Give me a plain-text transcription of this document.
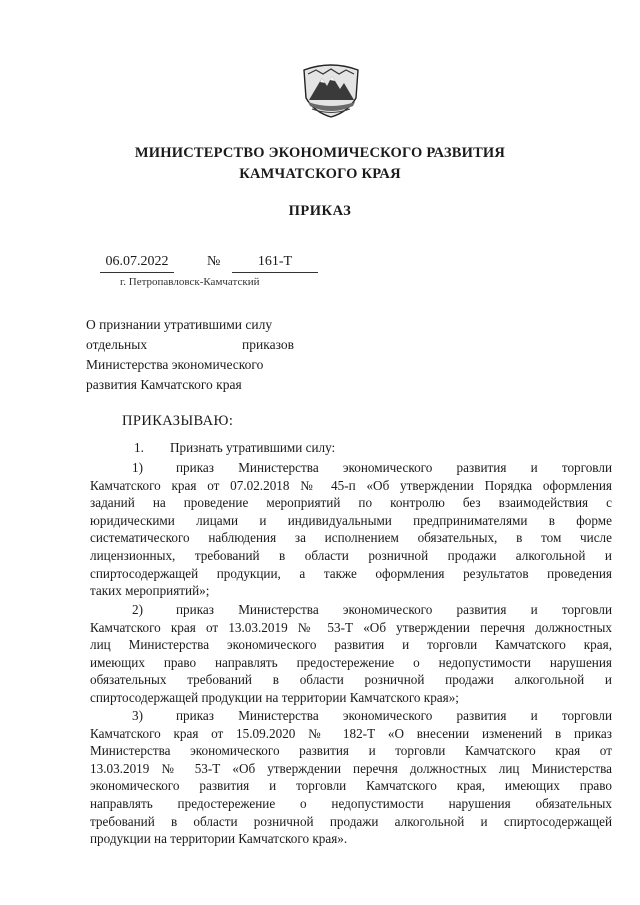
МИНИСТЕРСТВО ЭКОНОМИЧЕСКОГО РАЗВИТИЯ
КАМЧАТСКОГО КРАЯ
ПРИКАЗ
06.07.2022	№	161-Т
г. Петропавловск-Камчатский
О признании утратившими силу
отдельных приказов
Министерства экономического
развития Камчатского края
ПРИКАЗЫВАЮ:
1. Признать утратившими силу:
1)	приказ Министерства экономического развития и торговли
Камчатского края от 07.02.2018 № 45-п «Об утверждении Порядка оформления
заданий на проведение мероприятий по контролю без взаимодействия с
юридическими лицами и индивидуальными предпринимателями в форме
систематического наблюдения за исполнением обязательных, в том числе
лицензионных, требований в области розничной продажи алкогольной и
спиртосодержащей продукции, а также оформления результатов проведения
таких мероприятий»;
2)	приказ Министерства экономического развития и торговли
Камчатского края от 13.03.2019 № 53-Т «Об утверждении перечня должностных
лиц Министерства экономического развития и торговли Камчатского края,
имеющих право направлять предостережение о недопустимости нарушения
обязательных требований в области розничной продажи алкогольной и
спиртосодержащей продукции на территории Камчатского края»;
3)	приказ Министерства экономического развития и торговли
Камчатского края от 15.09.2020 № 182-Т «О внесении изменений в приказ
Министерства экономического развития и торговли Камчатского края от
13.03.2019 № 53-Т «Об утверждении перечня должностных лиц Министерства
экономического развития и торговли Камчатского края, имеющих право
направлять предостережение о недопустимости нарушения обязательных
требований в области розничной продажи алкогольной и спиртосодержащей
продукции на территории Камчатского края».
